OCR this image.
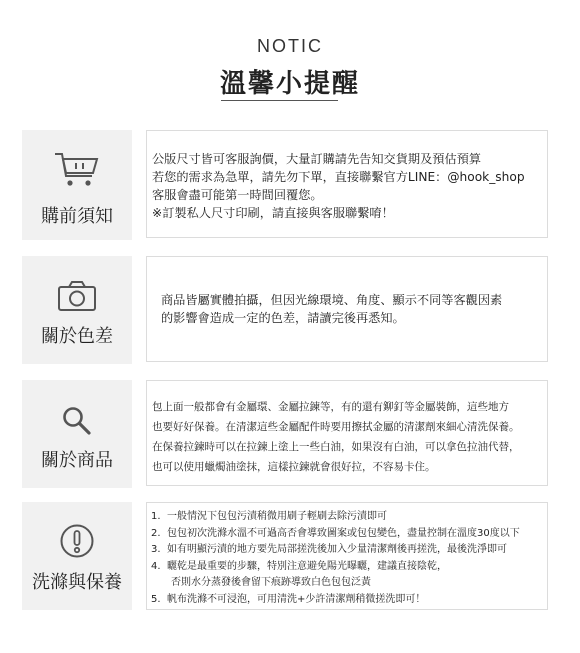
NOTIC
溫馨小提醒
購前須知
公版尺寸皆可客服詢價，大量訂購請先告知交貨期及預估預算
若您的需求為急單，請先勿下單，直接聯繫官方LINE：@hook_shop
客服會盡可能第一時間回覆您。
※訂製私人尺寸印刷，請直接與客服聯繫唷！
關於色差
商品皆屬實體拍攝，但因光線環境、角度、顯示不同等客觀因素
的影響會造成一定的色差，請讀完後再悉知。
關於商品
包上面一般都會有金屬環、金屬拉鍊等，有的還有鉚釘等金屬裝飾，這些地方
也要好好保養。在清潔這些金屬配件時要用擦拭金屬的清潔劑來細心清洗保養。
在保養拉鍊時可以在拉鍊上塗上一些白油，如果沒有白油，可以拿色拉油代替，
也可以使用蠟燭油塗抹，這樣拉鍊就會很好拉，不容易卡住。
洗滌與保養
1. 一般情況下包包污漬稍微用刷子輕刷去除污漬即可
2. 包包初次洗滌水溫不可過高否會導致圖案或包包變色，盡量控制在溫度30度以下
3. 如有明顯污漬的地方要先局部搓洗後加入少量清潔劑後再搓洗，最後洗淨即可
4. 曬乾是最重要的步驟，特別注意避免陽光曝曬，建議直接陰乾，
否則水分蒸發後會留下痕跡導致白色包包泛黃
5. 帆布洗滌不可浸泡，可用清洗+少許清潔劑稍微搓洗即可！
